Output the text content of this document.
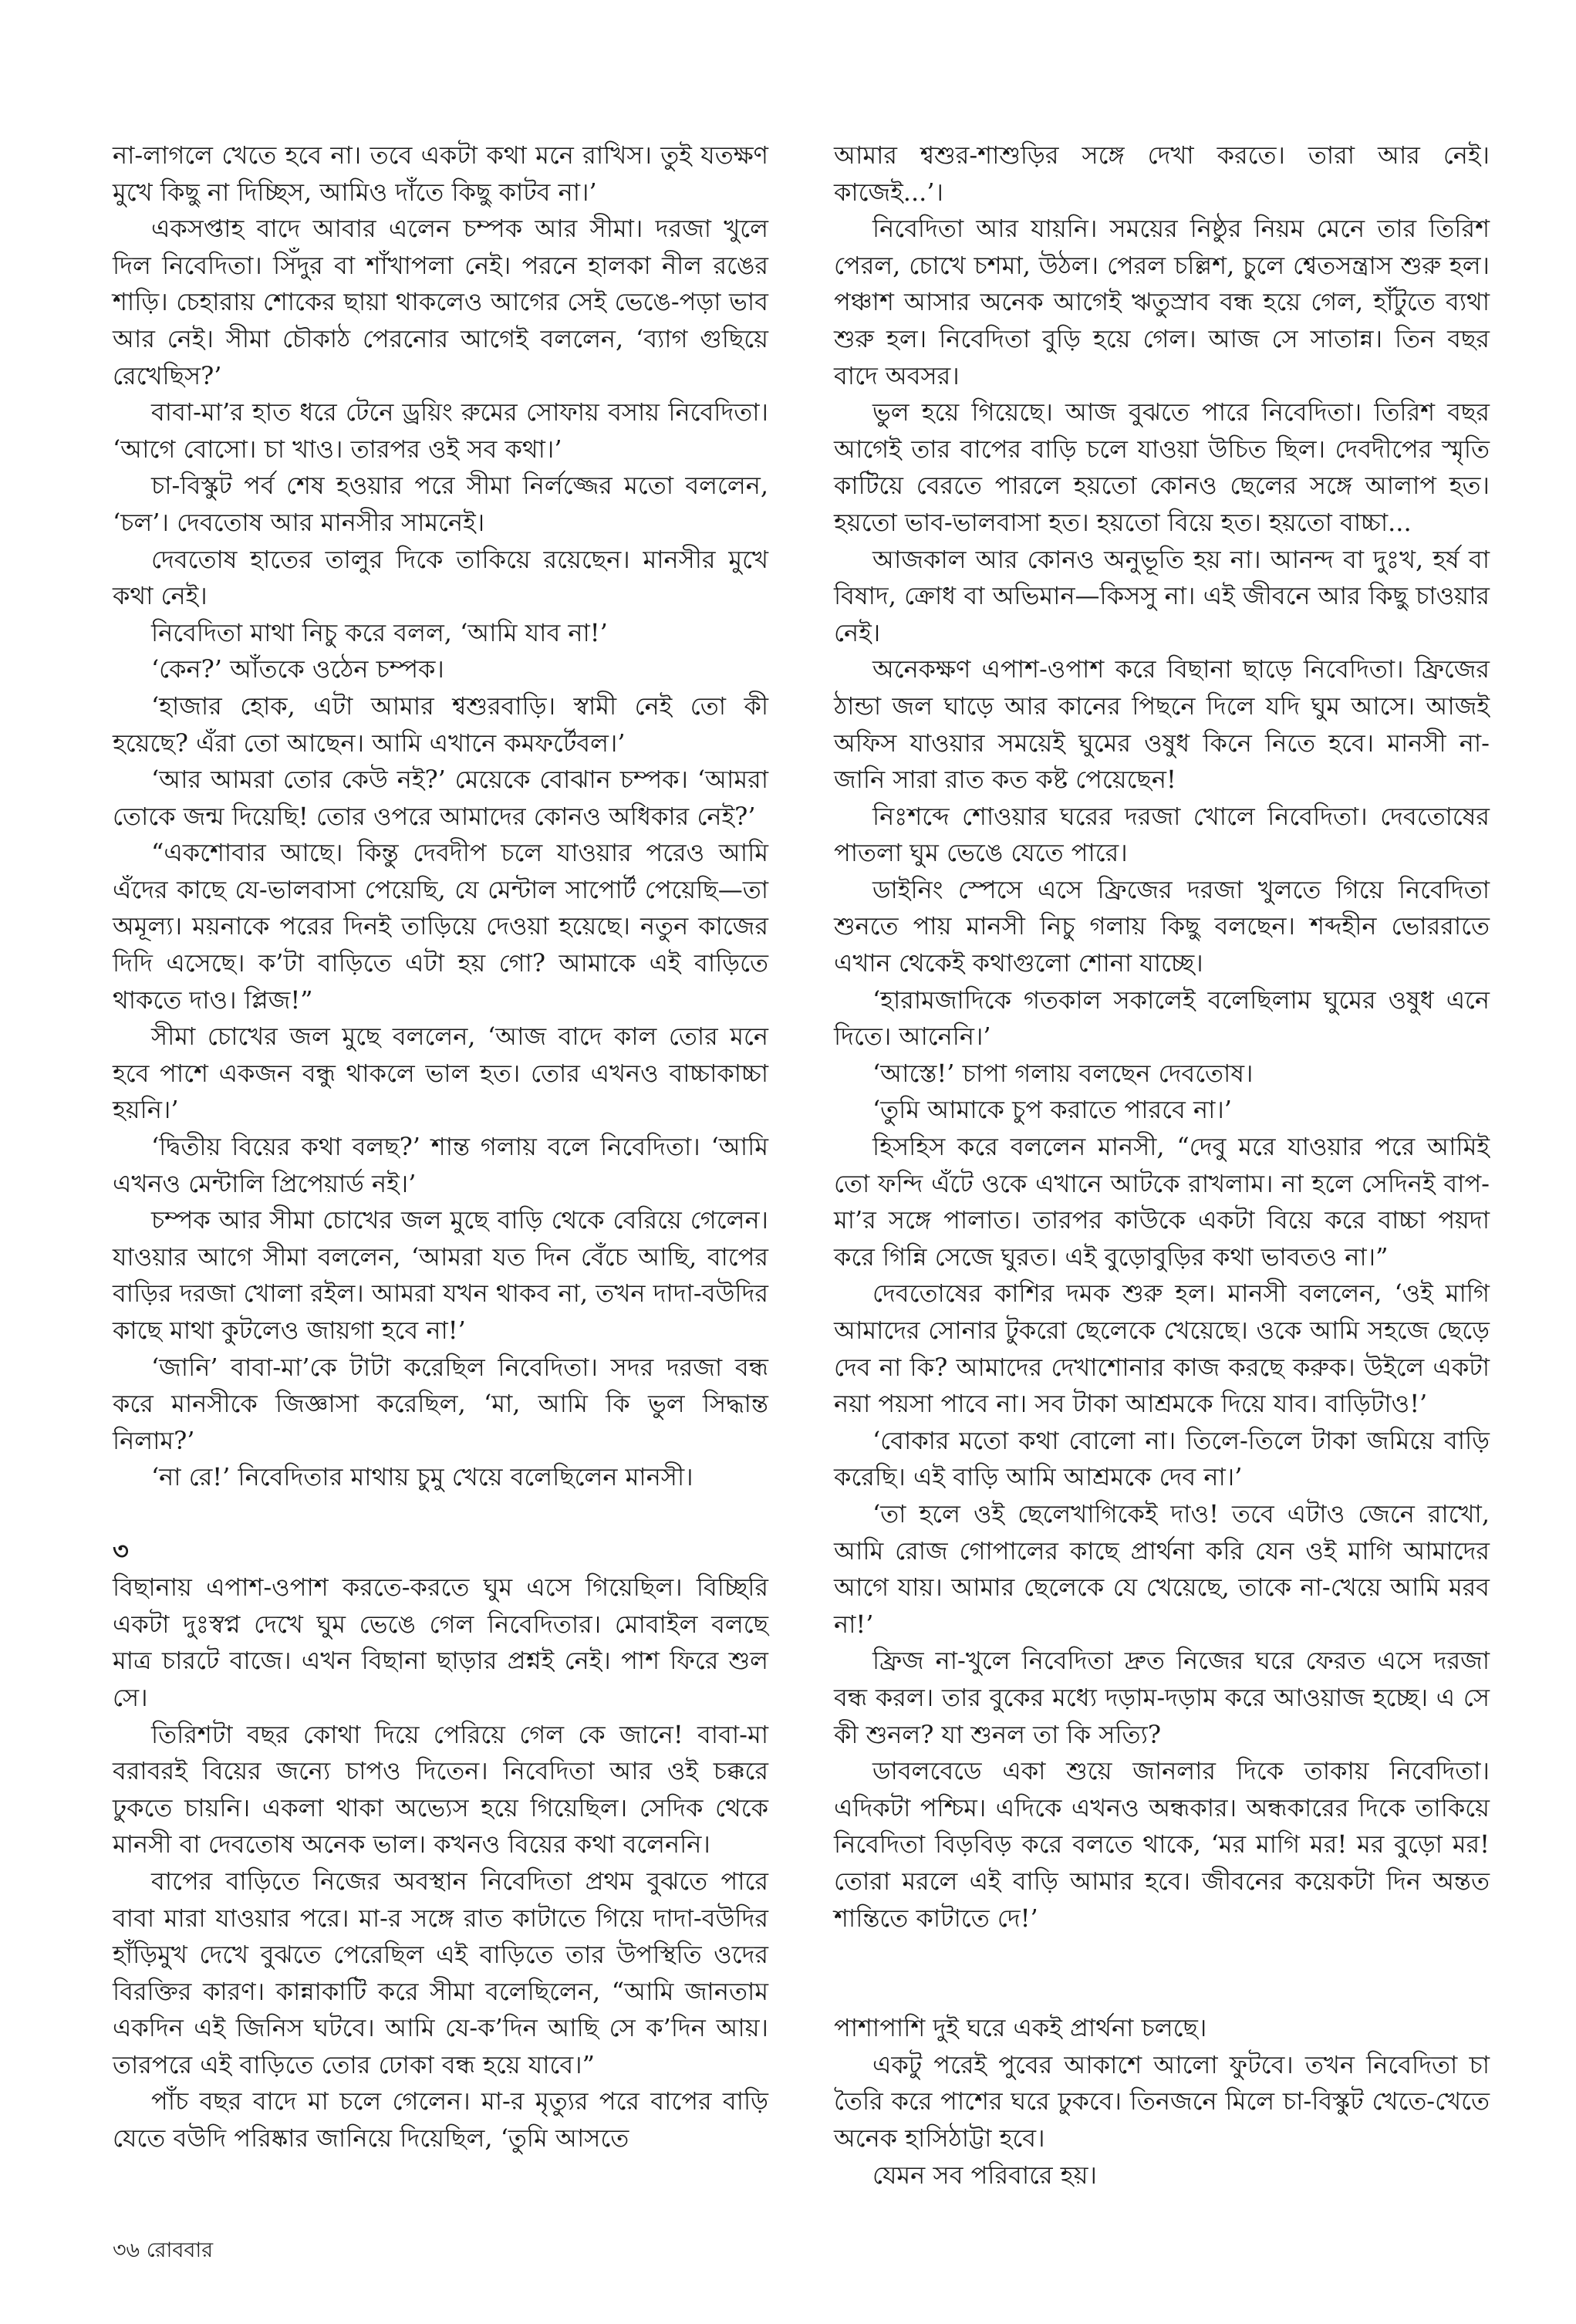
না-লাগলে খেতে হবে না। তবে একটা কথা মনে রাখিস। তুই যতক্ষণ মুখে কিছু না দিচ্ছিস, আমিও দাঁতে কিছু কাটব না।’

একসপ্তাহ বাদে আবার এলেন চম্পক আর সীমা। দরজা খুলে দিল নিবেদিতা। সিঁদুর বা শাঁখাপলা নেই। পরনে হালকা নীল রঙের শাড়ি। চেহারায় শোকের ছায়া থাকলেও আগের সেই ভেঙে-পড়া ভাব আর নেই। সীমা চৌকাঠ পেরনোর আগেই বললেন, ‘ব্যাগ গুছিয়ে রেখেছিস?’

বাবা-মা’র হাত ধরে টেনে ড্রয়িং রুমের সোফায় বসায় নিবেদিতা। ‘আগে বোসো। চা খাও। তারপর ওই সব কথা।’

চা-বিস্কুট পর্ব শেষ হওয়ার পরে সীমা নির্লজ্জের মতো বললেন, ‘চল’। দেবতোষ আর মানসীর সামনেই।

দেবতোষ হাতের তালুর দিকে তাকিয়ে রয়েছেন। মানসীর মুখে কথা নেই।

নিবেদিতা মাথা নিচু করে বলল, ‘আমি যাব না!’

‘কেন?’ আঁতকে ওঠেন চম্পক।

‘হাজার হোক, এটা আমার শ্বশুরবাড়ি। স্বামী নেই তো কী হয়েছে? এঁরা তো আছেন। আমি এখানে কমফর্টেবল।’

‘আর আমরা তোর কেউ নই?’ মেয়েকে বোঝান চম্পক। ‘আমরা তোকে জন্ম দিয়েছি! তোর ওপরে আমাদের কোনও অধিকার নেই?’

“একশোবার আছে। কিন্তু দেবদীপ চলে যাওয়ার পরেও আমি এঁদের কাছে যে-ভালবাসা পেয়েছি, যে মেন্টাল সাপোর্ট পেয়েছি—তা অমূল্য। ময়নাকে পরের দিনই তাড়িয়ে দেওয়া হয়েছে। নতুন কাজের দিদি এসেছে। ক’টা বাড়িতে এটা হয় গো? আমাকে এই বাড়িতে থাকতে দাও। প্লিজ!”

সীমা চোখের জল মুছে বললেন, ‘আজ বাদে কাল তোর মনে হবে পাশে একজন বন্ধু থাকলে ভাল হত। তোর এখনও বাচ্চাকাচ্চা হয়নি।’

‘দ্বিতীয় বিয়ের কথা বলছ?’ শান্ত গলায় বলে নিবেদিতা। ‘আমি এখনও মেন্টালি প্রিপেয়ার্ড নই।’

চম্পক আর সীমা চোখের জল মুছে বাড়ি থেকে বেরিয়ে গেলেন। যাওয়ার আগে সীমা বললেন, ‘আমরা যত দিন বেঁচে আছি, বাপের বাড়ির দরজা খোলা রইল। আমরা যখন থাকব না, তখন দাদা-বউদির কাছে মাথা কুটলেও জায়গা হবে না!’

‘জানি’ বাবা-মা’কে টাটা করেছিল নিবেদিতা। সদর দরজা বন্ধ করে মানসীকে জিজ্ঞাসা করেছিল, ‘মা, আমি কি ভুল সিদ্ধান্ত নিলাম?’

‘না রে!’ নিবেদিতার মাথায় চুমু খেয়ে বলেছিলেন মানসী।

৩

বিছানায় এপাশ-ওপাশ করতে-করতে ঘুম এসে গিয়েছিল। বিচ্ছিরি একটা দুঃস্বপ্ন দেখে ঘুম ভেঙে গেল নিবেদিতার। মোবাইল বলছে মাত্র চারটে বাজে। এখন বিছানা ছাড়ার প্রশ্নই নেই। পাশ ফিরে শুল সে।

তিরিশটা বছর কোথা দিয়ে পেরিয়ে গেল কে জানে! বাবা-মা বরাবরই বিয়ের জন্যে চাপও দিতেন। নিবেদিতা আর ওই চক্করে ঢুকতে চায়নি। একলা থাকা অভ্যেস হয়ে গিয়েছিল। সেদিক থেকে মানসী বা দেবতোষ অনেক ভাল। কখনও বিয়ের কথা বলেননি।

বাপের বাড়িতে নিজের অবস্থান নিবেদিতা প্রথম বুঝতে পারে বাবা মারা যাওয়ার পরে। মা-র সঙ্গে রাত কাটাতে গিয়ে দাদা-বউদির হাঁড়িমুখ দেখে বুঝতে পেরেছিল এই বাড়িতে তার উপস্থিতি ওদের বিরক্তির কারণ। কান্নাকাটি করে সীমা বলেছিলেন, “আমি জানতাম একদিন এই জিনিস ঘটবে। আমি যে-ক’দিন আছি সে ক’দিন আয়। তারপরে এই বাড়িতে তোর ঢোকা বন্ধ হয়ে যাবে।”

পাঁচ বছর বাদে মা চলে গেলেন। মা-র মৃত্যুর পরে বাপের বাড়ি যেতে বউদি পরিষ্কার জানিয়ে দিয়েছিল, ‘তুমি আসতে

আমার শ্বশুর-শাশুড়ির সঙ্গে দেখা করতে। তারা আর নেই। কাজেই...’।

নিবেদিতা আর যায়নি। সময়ের নিষ্ঠুর নিয়ম মেনে তার তিরিশ পেরল, চোখে চশমা, উঠল। পেরল চল্লিশ, চুলে শ্বেতসন্ত্রাস শুরু হল। পঞ্চাশ আসার অনেক আগেই ঋতুস্রাব বন্ধ হয়ে গেল, হাঁটুতে ব্যথা শুরু হল। নিবেদিতা বুড়ি হয়ে গেল। আজ সে সাতান্ন। তিন বছর বাদে অবসর।

ভুল হয়ে গিয়েছে। আজ বুঝতে পারে নিবেদিতা। তিরিশ বছর আগেই তার বাপের বাড়ি চলে যাওয়া উচিত ছিল। দেবদীপের স্মৃতি কাটিয়ে বেরতে পারলে হয়তো কোনও ছেলের সঙ্গে আলাপ হত। হয়তো ভাব-ভালবাসা হত। হয়তো বিয়ে হত। হয়তো বাচ্চা...

আজকাল আর কোনও অনুভূতি হয় না। আনন্দ বা দুঃখ, হর্ষ বা বিষাদ, ক্রোধ বা অভিমান—কিসসু না। এই জীবনে আর কিছু চাওয়ার নেই।

অনেকক্ষণ এপাশ-ওপাশ করে বিছানা ছাড়ে নিবেদিতা। ফ্রিজের ঠান্ডা জল ঘাড়ে আর কানের পিছনে দিলে যদি ঘুম আসে। আজই অফিস যাওয়ার সময়েই ঘুমের ওষুধ কিনে নিতে হবে। মানসী না-জানি সারা রাত কত কষ্ট পেয়েছেন!

নিঃশব্দে শোওয়ার ঘরের দরজা খোলে নিবেদিতা। দেবতোষের পাতলা ঘুম ভেঙে যেতে পারে।

ডাইনিং স্পেসে এসে ফ্রিজের দরজা খুলতে গিয়ে নিবেদিতা শুনতে পায় মানসী নিচু গলায় কিছু বলছেন। শব্দহীন ভোররাতে এখান থেকেই কথাগুলো শোনা যাচ্ছে।

‘হারামজাদিকে গতকাল সকালেই বলেছিলাম ঘুমের ওষুধ এনে দিতে। আনেনি।’

‘আস্তে!’ চাপা গলায় বলছেন দেবতোষ।

‘তুমি আমাকে চুপ করাতে পারবে না।’

হিসহিস করে বললেন মানসী, “দেবু মরে যাওয়ার পরে আমিই তো ফন্দি এঁটে ওকে এখানে আটকে রাখলাম। না হলে সেদিনই বাপ-মা’র সঙ্গে পালাত। তারপর কাউকে একটা বিয়ে করে বাচ্চা পয়দা করে গিন্নি সেজে ঘুরত। এই বুড়োবুড়ির কথা ভাবতও না।”

দেবতোষের কাশির দমক শুরু হল। মানসী বললেন, ‘ওই মাগি আমাদের সোনার টুকরো ছেলেকে খেয়েছে। ওকে আমি সহজে ছেড়ে দেব না কি? আমাদের দেখাশোনার কাজ করছে করুক। উইলে একটা নয়া পয়সা পাবে না। সব টাকা আশ্রমকে দিয়ে যাব। বাড়িটাও!’

‘বোকার মতো কথা বোলো না। তিলে-তিলে টাকা জমিয়ে বাড়ি করেছি। এই বাড়ি আমি আশ্রমকে দেব না।’

‘তা হলে ওই ছেলেখাগিকেই দাও! তবে এটাও জেনে রাখো, আমি রোজ গোপালের কাছে প্রার্থনা করি যেন ওই মাগি আমাদের আগে যায়। আমার ছেলেকে যে খেয়েছে, তাকে না-খেয়ে আমি মরব না!’

ফ্রিজ না-খুলে নিবেদিতা দ্রুত নিজের ঘরে ফেরত এসে দরজা বন্ধ করল। তার বুকের মধ্যে দড়াম-দড়াম করে আওয়াজ হচ্ছে। এ সে কী শুনল? যা শুনল তা কি সত্যি?

ডাবলবেডে একা শুয়ে জানলার দিকে তাকায় নিবেদিতা। এদিকটা পশ্চিম। এদিকে এখনও অন্ধকার। অন্ধকারের দিকে তাকিয়ে নিবেদিতা বিড়বিড় করে বলতে থাকে, ‘মর মাগি মর! মর বুড়ো মর! তোরা মরলে এই বাড়ি আমার হবে। জীবনের কয়েকটা দিন অন্তত শান্তিতে কাটাতে দে!’

পাশাপাশি দুই ঘরে একই প্রার্থনা চলছে।

একটু পরেই পুবের আকাশে আলো ফুটবে। তখন নিবেদিতা চা তৈরি করে পাশের ঘরে ঢুকবে। তিনজনে মিলে চা-বিস্কুট খেতে-খেতে অনেক হাসিঠাট্টা হবে।

যেমন সব পরিবারে হয়।

৩৬ রোববার
